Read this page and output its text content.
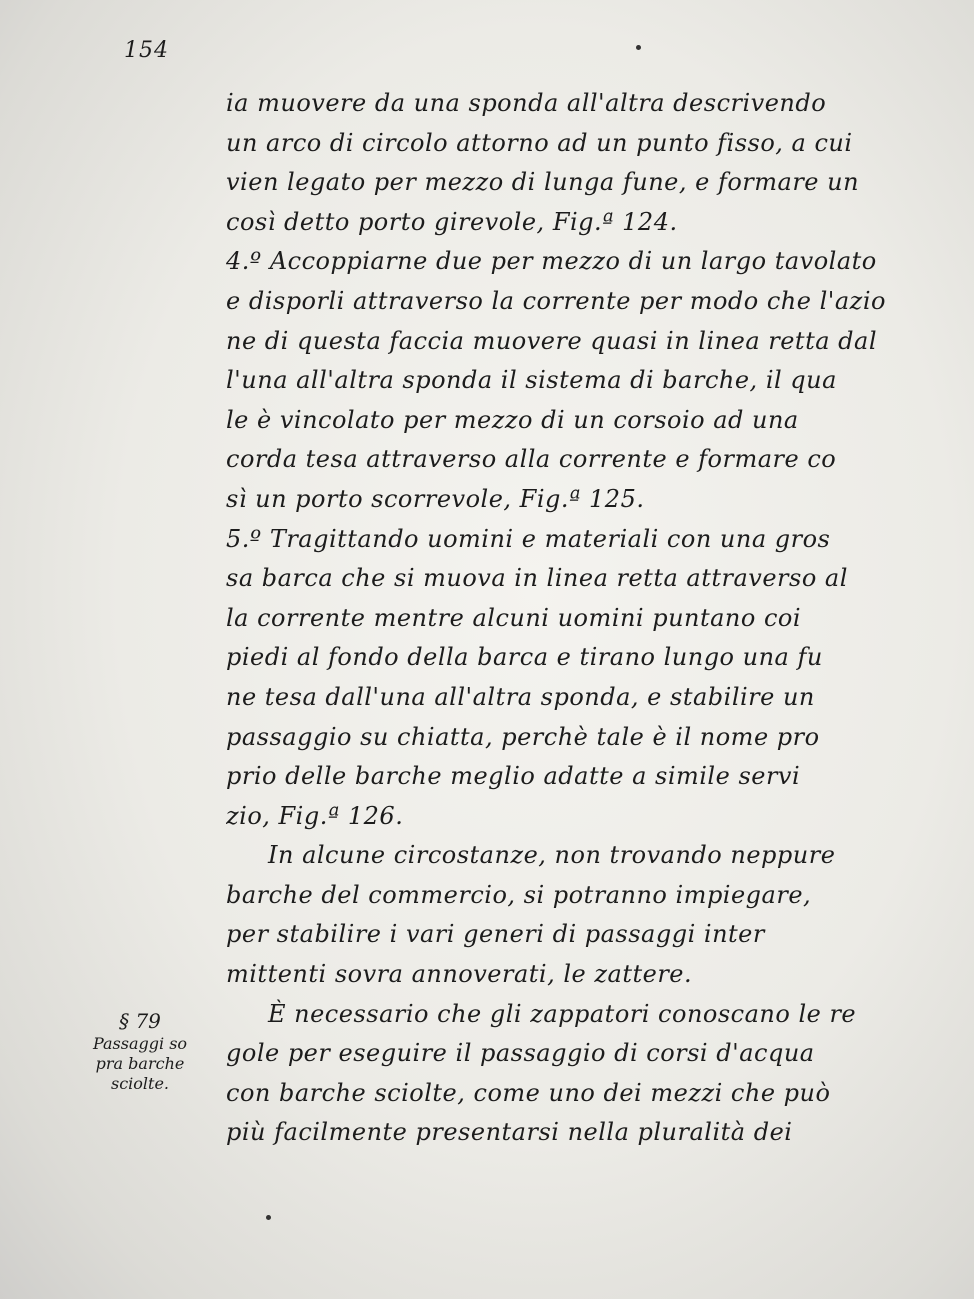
154

ia muovere da una sponda all'altra descrivendo
un arco di circolo attorno ad un punto fisso, a cui
vien legato per mezzo di lunga fune, e formare un
così detto porto girevole, Fig.ª 124.
4.º Accoppiarne due per mezzo di un largo tavolato
e disporli attraverso la corrente per modo che l'azio
ne di questa faccia muovere quasi in linea retta dal
l'una all'altra sponda il sistema di barche, il qua
le è vincolato per mezzo di un corsoio ad una
corda tesa attraverso alla corrente e formare co
sì un porto scorrevole, Fig.ª 125.
5.º Tragittando uomini e materiali con una gros
sa barca che si muova in linea retta attraverso al
la corrente mentre alcuni uomini puntano coi
piedi al fondo della barca e tirano lungo una fu
ne tesa dall'una all'altra sponda, e stabilire un
passaggio su chiatta, perchè tale è il nome pro
prio delle barche meglio adatte a simile servi
zio, Fig.ª 126.
In alcune circostanze, non trovando neppure
barche del commercio, si potranno impiegare,
per stabilire i vari generi di passaggi inter
mittenti sovra annoverati, le zattere.
È necessario che gli zappatori conoscano le re
gole per eseguire il passaggio di corsi d'acqua
con barche sciolte, come uno dei mezzi che può
più facilmente presentarsi nella pluralità dei
§ 79
Passaggi so
pra barche
sciolte.
